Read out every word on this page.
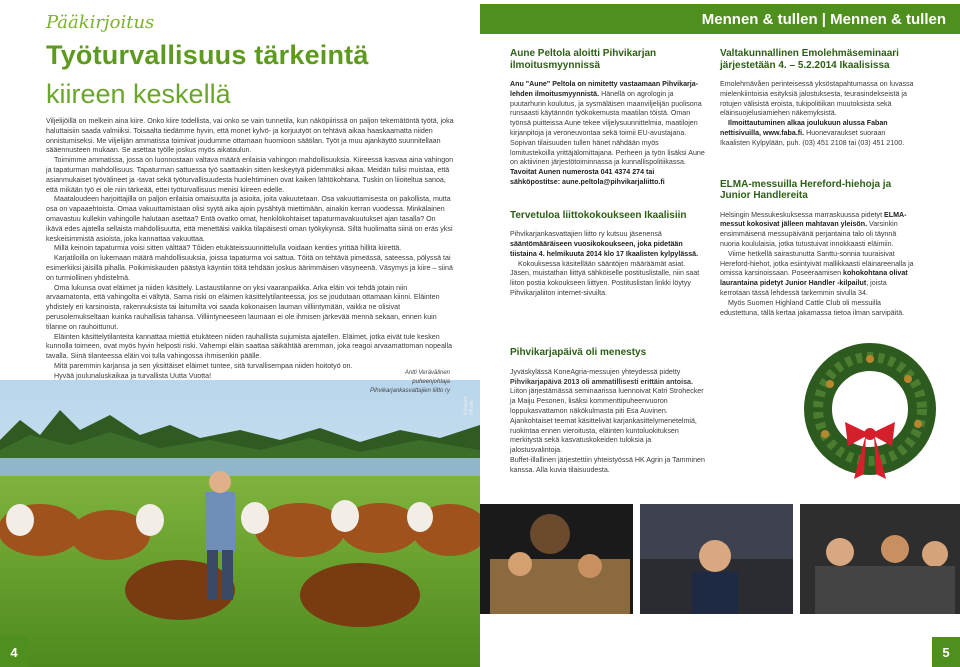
Pääkirjoitus
Työturvallisuus tärkeintä
kiireen keskellä

Viljelijöillä on melkein aina kiire. Onko kiire todellista, vai onko se vain tunnetila, kun näköpiirissä on paljon tekemätöntä työtä, joka haluttaisiin saada valmiiksi. Toisaalta tiedämme hyvin, että monet kylvö- ja korjuutyöt on tehtävä aikaa haaskaamatta niiden onnistumiseksi. Me viljelijän ammatissa toimivat joudumme ottamaan huomioon säätilan. Työt ja muu ajankäyttö suunnitellaan sääennusteen mukaan. Se asettaa työlle joskus myös aikataulun.

Toimimme ammatissa, jossa on luonnostaan valtava määrä erilaisia vahingon mahdollisuuksia. Kiireessä kasvaa aina vahingon ja tapaturman mahdollisuus. Tapaturman sattuessa työ saattaakin sitten keskeytyä pidemmäksi aikaa. Meidän tulisi muistaa, että asianmukaiset työvälineet ja -tavat sekä työturvallisuudesta huolehtiminen ovat kaiken lähtökohtana. Tuskin on liioiteltua sanoa, että mikään työ ei ole niin tärkeää, ettei työturvallisuus menisi kiireen edelle.

Maataloudeen harjoittajilla on paljon erilaisia omaisuutta ja asioita, joita vakuutetaan. Osa vakuuttamisesta on pakollista, mutta osa on vapaaehtoista. Omaa vakuuttamistaan olisi syytä aika ajoin pysähtyä miettimään, ainakin kerran vuodessa. Minkälainen omavastuu kullekin vahingolle halutaan asettaa? Entä ovatko omat, henkilökohtaiset tapaturmavakuutukset ajan tasalla? On ikävä edes ajatella sellaista mahdollisuutta, että menettäisi vaikka tilapäisesti oman työkykynsä. Siltä huolimatta siinä on eräs yksi keskeisimmistä asioista, joka kannattaa vakuuttaa.

Millä keinoin tapaturmia voisi sitten välttää? Tôiden etukäteissuunnittelulla voidaan kenties yrittää hillitä kiirettä.

Karjatiloilla on lukemaan määrä mahdollisuuksia, joissa tapaturma voi sattua. Töitä on tehtävä pimeässä, sateessa, pölyssä tai esimerkiksi jäisillä pihalla. Poikimiskauden päästyä käyntiin töitä tehdään joskus äärimmäisen väsyneenä. Väsymys ja kiire – siinä on turmiollinen yhdistelmä.

Oma lukunsa ovat eläimet ja niiden käsittely. Lastaustilanne on yksi vaaranpaikka. Arka eläin voi tehdä jotain niin arvaamatonta, että vahingolta ei vältytä. Sama riski on eläimen käsittelytilanteessa, jos se joudutaan ottamaan kiinni. Eläinten yhdistely eri karsinoista, rakennuksista tai laitumilta voi saada kokonaisen lauman villiintymään, vaikka ne olisivat perusolemukseltaan kuinka rauhallisia tahansa. Villiintyneeseen laumaan ei ole ihmisen järkevää mennä sekaan, ennen kuin tilanne on rauhoittunut.

Eläinten käsittelytilanteita kannattaa miettiä etukäteen niiden rauhallista sujumista ajatellen. Eläimet, jotka eivät tule kesken kunnolla toimeen, ovat myös hyvin helposti riski. Vahempi eläin saattaa säikähtää aremman, joka reagoi arvaamattoman nopealla tavalla. Siinä tilanteessa eläin voi tulla vahingossa ihmisenkin päälle.

Mitä paremmin karjansa ja sen yksittäiset eläimet tuntee, sitä turvallisempaa niiden hoitotyö on.

Hyvää joulunaluskaikaa ja turvallista Uutta Vuotta!	Antti Verävälinen
puheenjohtaja
Pihvikarjankasvattajien liitto ry
Kuvaaja: ©Kalle
4
Mennen & tullen | Mennen & tullen
Aune Peltola aloitti Pihvikarjan ilmoitusmyynnissä

Anu "Aune" Peltola on nimitetty vastaamaan Pihvikarja-lehden ilmoitusmyynnistä. Hänellä on agrologin ja puutarhurin koulutus, ja sysmäläisen maanviljelijän puolisona runsaasti käytännön työkokemusta maatilan töistä. Oman työnsä puitteissa Aune tekee viljelysuunnittelmia, maatilojen kirjanpitoja ja veroneuvontaa sekä toimii EU-avustajana. Sopivan tilaisuuden tullen hänet nähdään myös lomitustekoilla yrittäjälomittajana. Perheen ja työn lisäksi Aune on aktiivinen järjestötoiminnassa ja kunnallispolitiikassa. Tavoitat Aunen numerosta 041 4374 274 tai sähköpostitse: aune.peltola@pihvikarjaliitto.fi

Tervetuloa liittokokoukseen Ikaalisiin

Pihvikarjankasvattajien liitto ry kutsuu jäsenensä sääntömääräiseen vuosikokoukseen, joka pidetään tiistaina 4. helmikuuta 2014 klo 17 Ikaalisten kylpylässä.

Kokouksessa käsitellään sääntöjen määräämät asiat. Jäsen, muistathan liittyä sähköiselle postituslistalle, niin saat liiton postia kokoukseen liittyen. Postituslistan linkki löytyy Pihvikarjaliiton internet-sivuilta.

Valtakunnallinen Emolehmäseminaari järjestetään 4. – 5.2.2014 Ikaalisissa

Emolehmävåen perinteisessä yksöstapahtumassa on luvassa mielenkiintoisia esityksiä jalostuksesta, teurasindekseistä ja rotujen välisistä eroista, tukipolitiikan muutoksista sekä eläinsuojelusiamiehen näkemyksistä.

Ilmoittautuminen alkaa joulukuun alussa Faban nettisivuilla, www.faba.fi. Huonevaraukset suoraan Ikaalisten Kylpylään, puh. (03) 451 2108 tai (03) 451 2100.

ELMA-messuilla Hereford-hiehoja ja Junior Handlereita

Helsingin Messukeskuksessa marraskuussa pidetyt ELMA-messut kokosivat jälleen mahtavan yleisön. Varsinkin ensimmäisenä messupäivänä perjantaina talo oli täynnä nuoria koululaisia, jotka tutustuivat innokkaasti eläimiin.

Viime hetkellä sairastunutta Santtu-sonnia tuuraisivat Hereford-hiehot, jotka esiintyivät mallikkaasti eläinareenalla ja omissa karsinoissaan. Poseeraamisen kohokohtana olivat laurantaina pidetyt Junior Handler -kilpailut, joista kerrotaan tässä lehdessä tarkemmin sivulla 34.

Myös Suomen Highland Cattle Club oli messuilla edustettuna, tällä kertaa jakamassa tietoa ilman sarvipäitä.

Pihvikarjapäivä oli menestys

Jyväskylässä KoneAgria-messujen yhteydessä pidetty Pihvikarjapäivä 2013 oli ammatillisesti erittäin antoisa. Liiton järjestämässä seminaarissa luennoivat Katri Strohecker ja Maiju Pesonen, lisäksi kommenttipuheenvuoron loppukasvattamon näkökulmasta piti Esa Auvinen.

Ajankohtaiset teemat käsittelivät karjankasittelymenetelmiä, ruokintaa ennen vieroitusta, eläinten kuntoluokituksen merkitystä sekä kasvatuskokeiden tuloksia ja jalostusvalintoja.

Buffet-illallinen järjestettiin yhteistyössä HK Agrin ja Tamminen kanssa. Alla kuvia tilaisuudesta.

5
